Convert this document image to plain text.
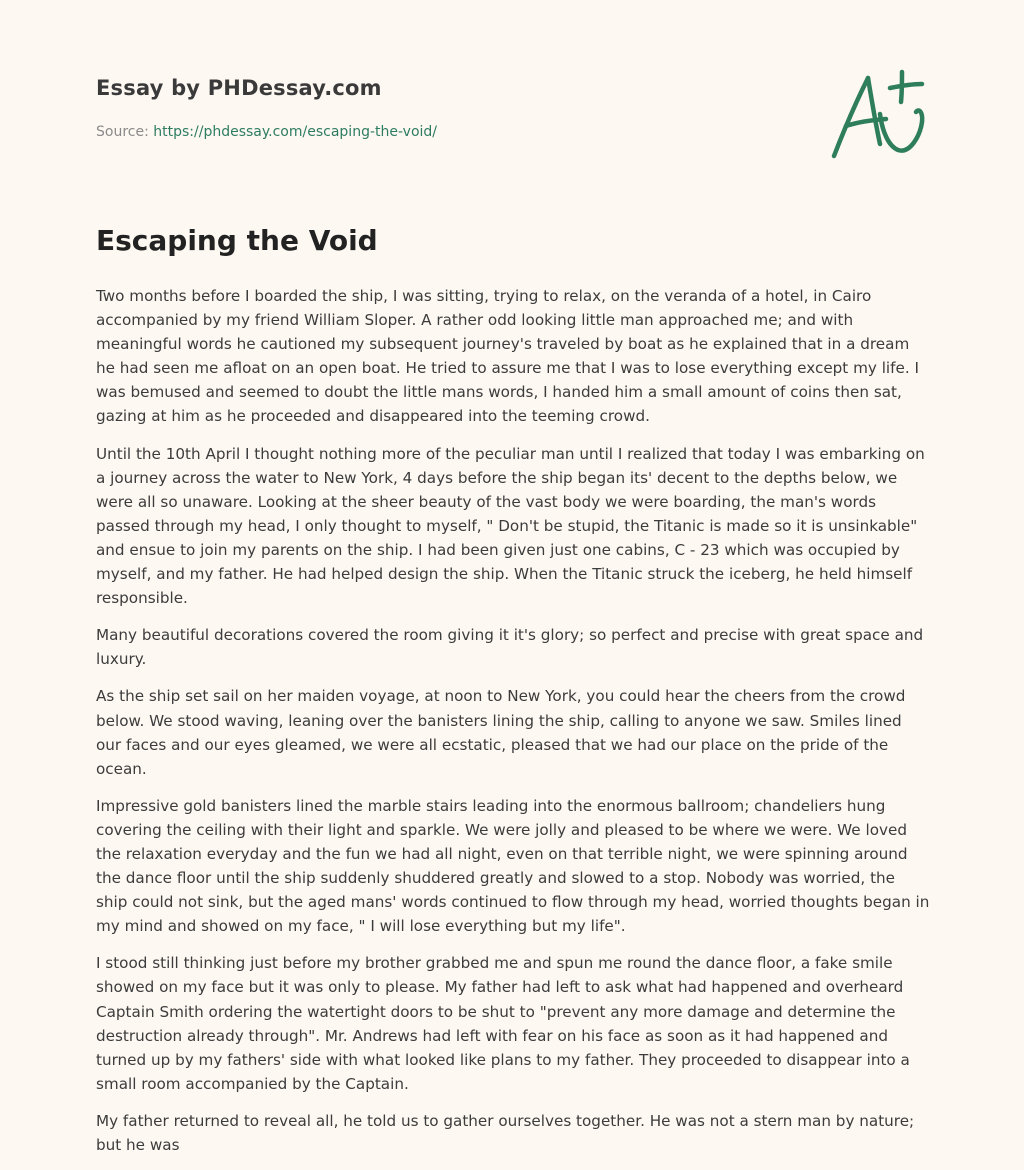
Essay by PHDessay.com
Source: https://phdessay.com/escaping-the-void/
Escaping the Void

Two months before I boarded the ship, I was sitting, trying to relax, on the veranda of a hotel, in Cairo accompanied by my friend William Sloper. A rather odd looking little man approached me; and with meaningful words he cautioned my subsequent journey's traveled by boat as he explained that in a dream he had seen me afloat on an open boat. He tried to assure me that I was to lose everything except my life. I was bemused and seemed to doubt the little mans words, I handed him a small amount of coins then sat, gazing at him as he proceeded and disappeared into the teeming crowd.

Until the 10th April I thought nothing more of the peculiar man until I realized that today I was embarking on a journey across the water to New York, 4 days before the ship began its' decent to the depths below, we were all so unaware. Looking at the sheer beauty of the vast body we were boarding, the man's words passed through my head, I only thought to myself, " Don't be stupid, the Titanic is made so it is unsinkable" and ensue to join my parents on the ship. I had been given just one cabins, C - 23 which was occupied by myself, and my father. He had helped design the ship. When the Titanic struck the iceberg, he held himself responsible.

Many beautiful decorations covered the room giving it it's glory; so perfect and precise with great space and luxury.

As the ship set sail on her maiden voyage, at noon to New York, you could hear the cheers from the crowd below. We stood waving, leaning over the banisters lining the ship, calling to anyone we saw. Smiles lined our faces and our eyes gleamed, we were all ecstatic, pleased that we had our place on the pride of the ocean.

Impressive gold banisters lined the marble stairs leading into the enormous ballroom; chandeliers hung covering the ceiling with their light and sparkle. We were jolly and pleased to be where we were. We loved the relaxation everyday and the fun we had all night, even on that terrible night, we were spinning around the dance floor until the ship suddenly shuddered greatly and slowed to a stop. Nobody was worried, the ship could not sink, but the aged mans' words continued to flow through my head, worried thoughts began in my mind and showed on my face, " I will lose everything but my life".

I stood still thinking just before my brother grabbed me and spun me round the dance floor, a fake smile showed on my face but it was only to please. My father had left to ask what had happened and overheard Captain Smith ordering the watertight doors to be shut to "prevent any more damage and determine the destruction already through". Mr. Andrews had left with fear on his face as soon as it had happened and turned up by my fathers' side with what looked like plans to my father. They proceeded to disappear into a small room accompanied by the Captain.

My father returned to reveal all, he told us to gather ourselves together. He was not a stern man by nature; but he was
